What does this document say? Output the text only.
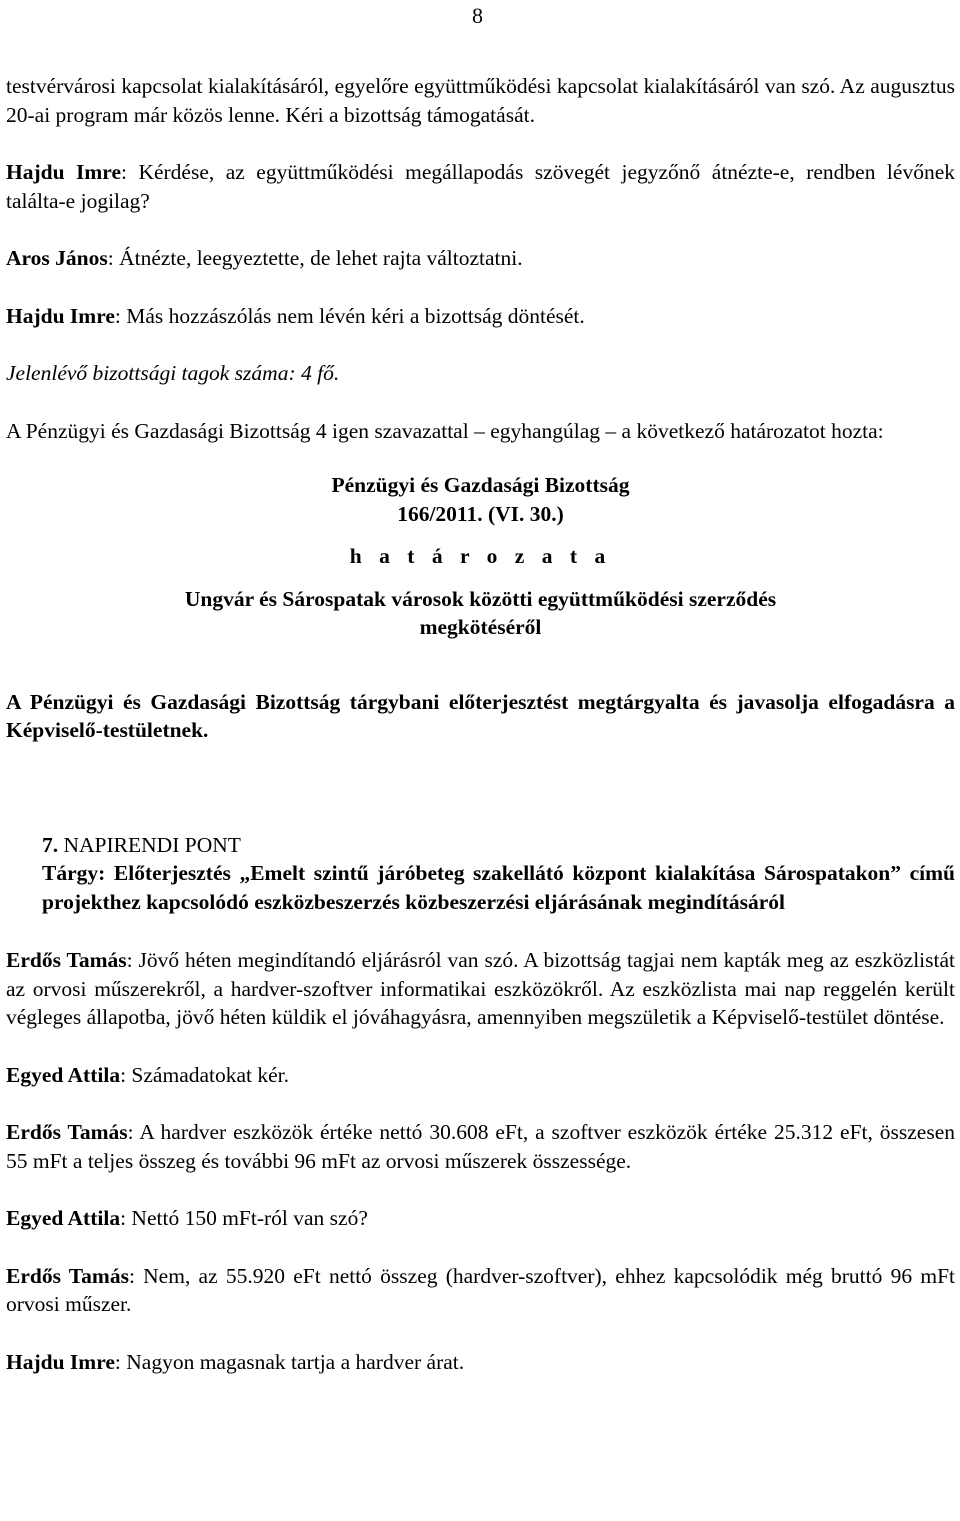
8

testvérvárosi kapcsolat kialakításáról, egyelőre együttműködési kapcsolat kialakításáról van szó. Az augusztus 20-ai program már közös lenne. Kéri a bizottság támogatását.

Hajdu Imre: Kérdése, az együttműködési megállapodás szövegét jegyzőnő átnézte-e, rendben lévőnek találta-e jogilag?

Aros János: Átnézte, leegyeztette, de lehet rajta változtatni.

Hajdu Imre: Más hozzászólás nem lévén kéri a bizottság döntését.

Jelenlévő bizottsági tagok száma: 4 fő.

A Pénzügyi és Gazdasági Bizottság 4 igen szavazattal – egyhangúlag – a következő határozatot hozta:

Pénzügyi és Gazdasági Bizottság

166/2011. (VI. 30.)

h a t á r o z a t a

Ungvár és Sárospatak városok közötti együttműködési szerződés

megkötéséről

A Pénzügyi és Gazdasági Bizottság tárgybani előterjesztést megtárgyalta és javasolja elfogadásra a Képviselő-testületnek.

7. NAPIRENDI PONT

Tárgy: Előterjesztés „Emelt szintű járóbeteg szakellátó központ kialakítása Sárospatakon” című projekthez kapcsolódó eszközbeszerzés közbeszerzési eljárásának megindításáról

Erdős Tamás: Jövő héten megindítandó eljárásról van szó. A bizottság tagjai nem kapták meg az eszközlistát az orvosi műszerekről, a hardver-szoftver informatikai eszközökről. Az eszközlista mai nap reggelén került végleges állapotba, jövő héten küldik el jóváhagyásra, amennyiben megszületik a Képviselő-testület döntése.

Egyed Attila: Számadatokat kér.

Erdős Tamás: A hardver eszközök értéke nettó 30.608 eFt, a szoftver eszközök értéke 25.312 eFt, összesen 55 mFt a teljes összeg és további 96 mFt az orvosi műszerek összessége.

Egyed Attila: Nettó 150 mFt-ról van szó?

Erdős Tamás: Nem, az 55.920 eFt nettó összeg (hardver-szoftver), ehhez kapcsolódik még bruttó 96 mFt orvosi műszer.

Hajdu Imre: Nagyon magasnak tartja a hardver árat.
